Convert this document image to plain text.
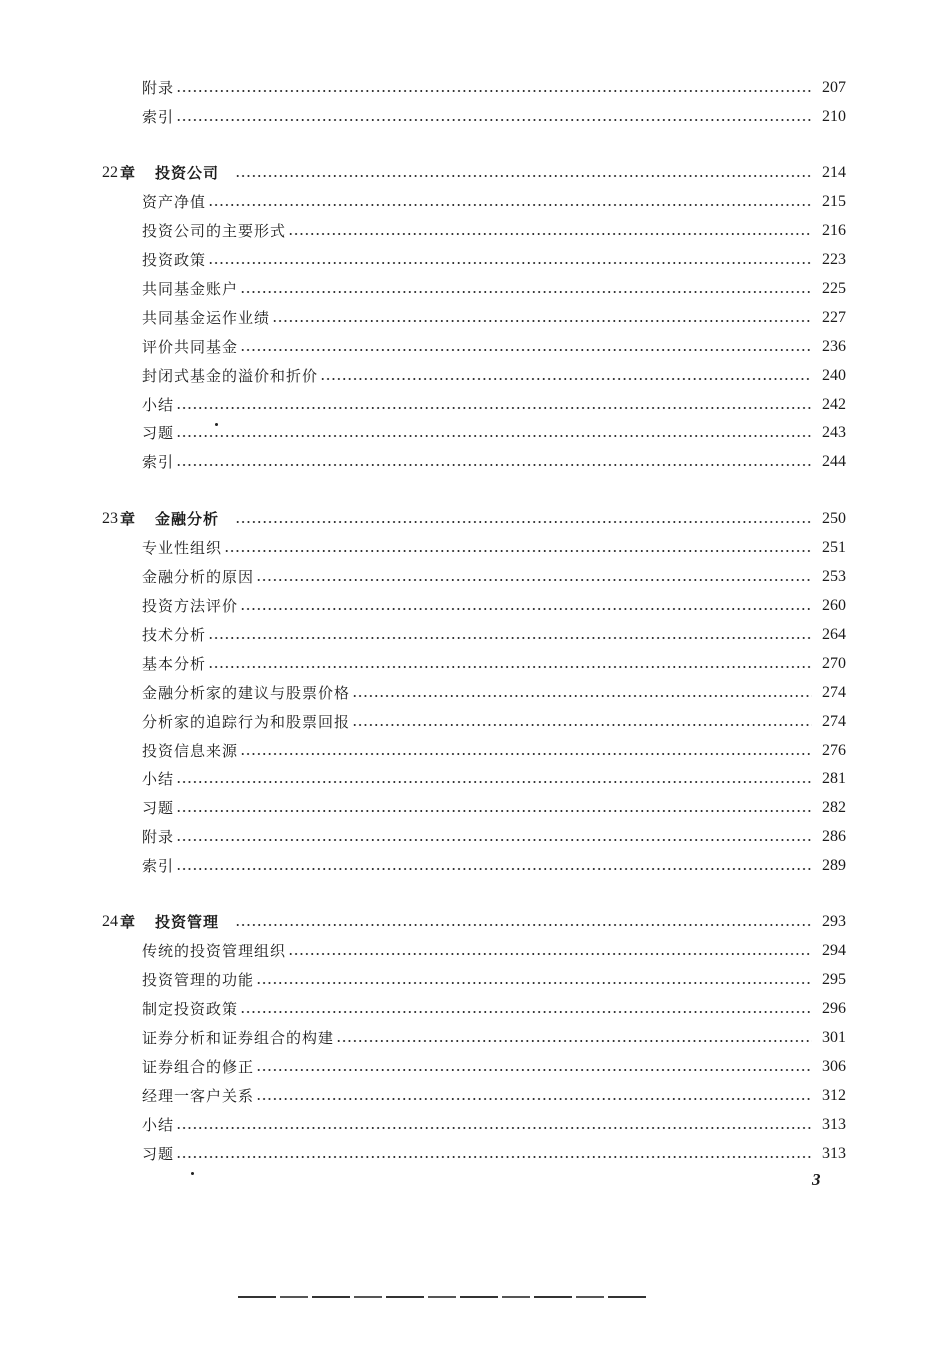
附录	207
索引	210
22 章 投资公司	214
资产净值	215
投资公司的主要形式	216
投资政策	223
共同基金账户	225
共同基金运作业绩	227
评价共同基金	236
封闭式基金的溢价和折价	240
小结	242
习题	243
索引	244
23 章 金融分析	250
专业性组织	251
金融分析的原因	253
投资方法评价	260
技术分析	264
基本分析	270
金融分析家的建议与股票价格	274
分析家的追踪行为和股票回报	274
投资信息来源	276
小结	281
习题	282
附录	286
索引	289
24 章 投资管理	293
传统的投资管理组织	294
投资管理的功能	295
制定投资政策	296
证券分析和证券组合的构建	301
证券组合的修正	306
经理一客户关系	312
小结	313
习题	313
3
